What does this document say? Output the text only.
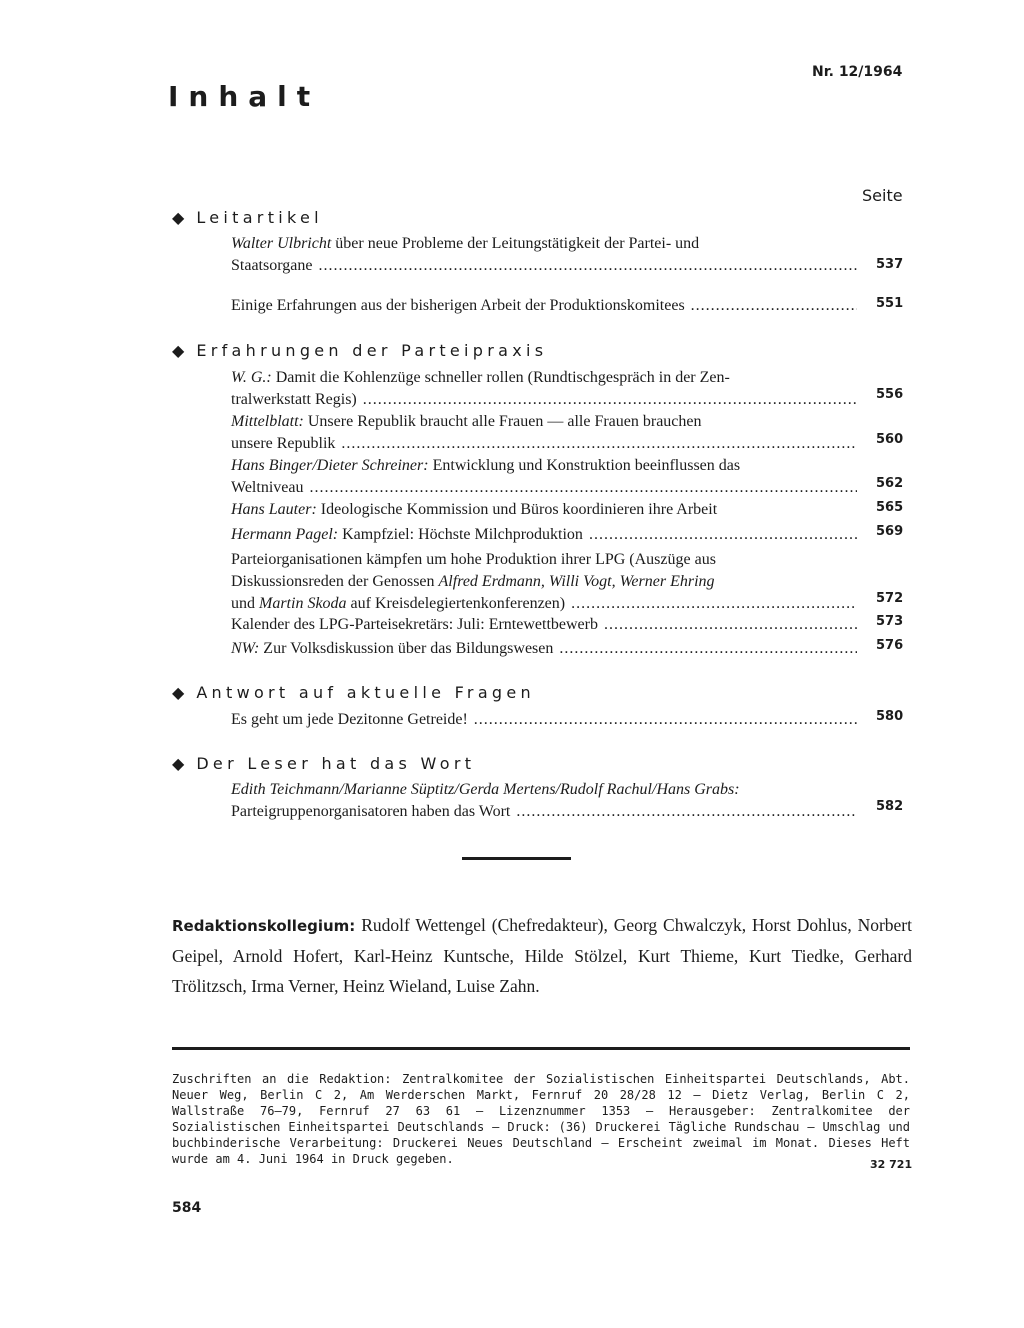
Inhalt
Nr. 12/1964
Seite
◆ Leitartikel
Walter Ulbricht über neue Probleme der Leitungstätigkeit der Partei- und
Staatsorgane .....	537
Einige Erfahrungen aus der bisherigen Arbeit der Produktionskomitees .....	551
◆ Erfahrungen der Parteipraxis
W. G.: Damit die Kohlenzüge schneller rollen (Rundtischgespräch in der Zen-
tralwerkstatt Regis) .....	556
Mittelblatt: Unsere Republik braucht alle Frauen — alle Frauen brauchen
unsere Republik .....	560
Hans Binger/Dieter Schreiner: Entwicklung und Konstruktion beeinflussen das
Weltniveau .....	562
Hans Lauter: Ideologische Kommission und Büros koordinieren ihre Arbeit	565
Hermann Pagel: Kampfziel: Höchste Milchproduktion .....	569
Parteiorganisationen kämpfen um hohe Produktion ihrer LPG (Auszüge aus
Diskussionsreden der Genossen Alfred Erdmann, Willi Vogt, Werner Ehring
und Martin Skoda auf Kreisdelegiertenkonferenzen) .....	572
Kalender des LPG-Parteisekretärs: Juli: Erntewettbewerb .....	573
NW: Zur Volksdiskussion über das Bildungswesen .....	576
◆ Antwort auf aktuelle Fragen
Es geht um jede Dezitonne Getreide! .....	580
◆ Der Leser hat das Wort
Edith Teichmann/Marianne Süptitz/Gerda Mertens/Rudolf Rachul/Hans Grabs:
Parteigruppenorganisatoren haben das Wort .....	582
Redaktionskollegium: Rudolf Wettengel (Chefredakteur), Georg Chwalczyk, Horst Dohlus, Norbert Geipel, Arnold Hofert, Karl-Heinz Kuntsche, Hilde Stölzel, Kurt Thieme, Kurt Tiedke, Gerhard Trölitzsch, Irma Verner, Heinz Wieland, Luise Zahn.
Zuschriften an die Redaktion: Zentralkomitee der Sozialistischen Einheitspartei Deutschlands, Abt. Neuer Weg, Berlin C 2, Am Werderschen Markt, Fernruf 20 28/28 12 — Dietz Verlag, Berlin C 2, Wallstraße 76—79, Fernruf 27 63 61 — Lizenznummer 1353 — Herausgeber: Zentralkomitee der Sozialistischen Einheitspartei Deutschlands — Druck: (36) Druckerei Tägliche Rundschau — Umschlag und buchbinderische Verarbeitung: Druckerei Neues Deutschland — Erscheint zweimal im Monat. Dieses Heft wurde am 4. Juni 1964 in Druck gegeben.	32 721
584
